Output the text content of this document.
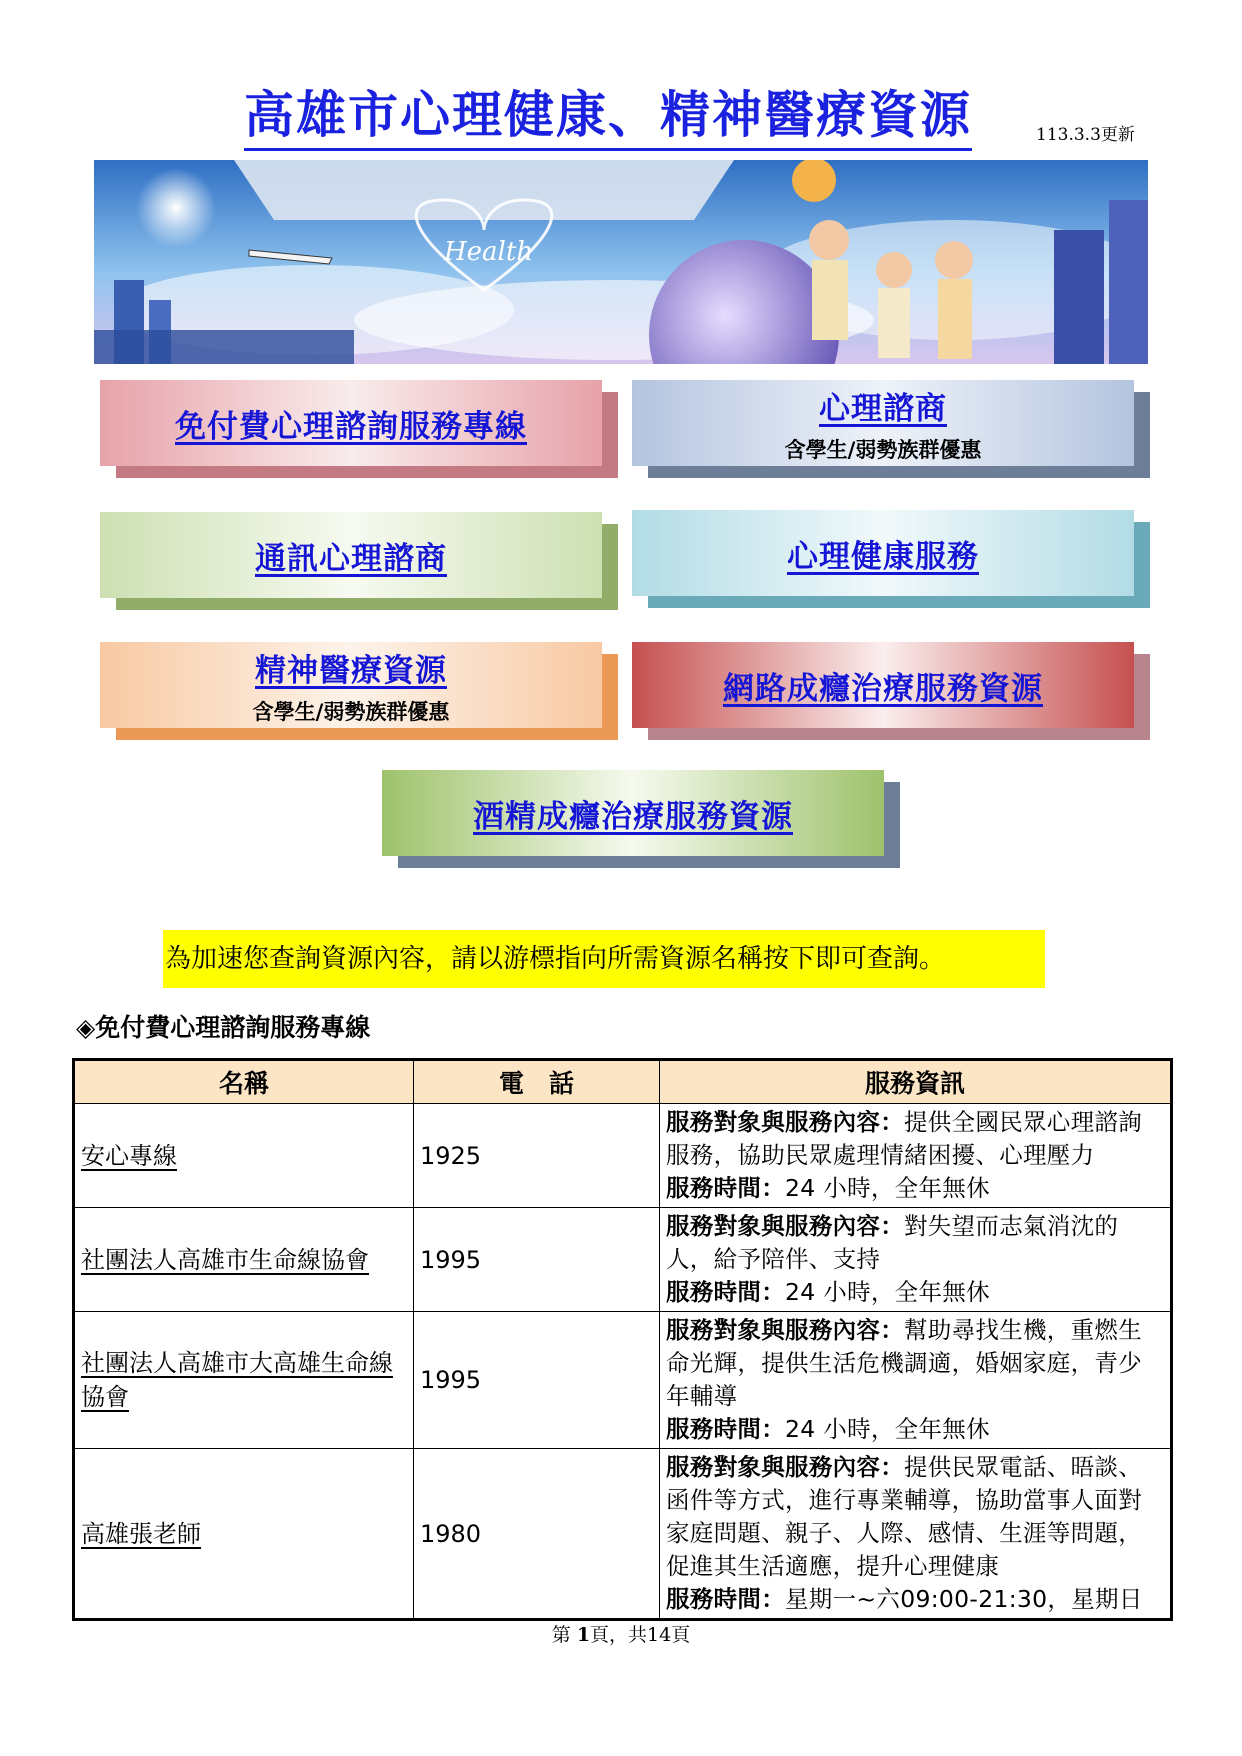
高雄市心理健康、精神醫療資源	113.3.3更新
Health
免付費心理諮詢服務專線	心理諮商
含學生/弱勢族群優惠
通訊心理諮商	心理健康服務
精神醫療資源
含學生/弱勢族群優惠
網路成癮治療服務資源
酒精成癮治療服務資源
為加速您查詢資源內容，請以游標指向所需資源名稱按下即可查詢。
◈免付費心理諮詢服務專線
名稱	電　話	服務資訊
安心專線	1925	服務對象與服務內容：提供全國民眾心理諮詢服務，協助民眾處理情緒困擾、心理壓力
服務時間：24 小時，全年無休
社團法人高雄市生命線協會	1995	服務對象與服務內容：對失望而志氣消沈的人，給予陪伴、支持
服務時間：24 小時，全年無休
社團法人高雄市大高雄生命線協會	1995	服務對象與服務內容：幫助尋找生機，重燃生命光輝，提供生活危機調適，婚姻家庭，青少年輔導
服務時間：24 小時，全年無休
高雄張老師	1980	服務對象與服務內容：提供民眾電話、晤談、函件等方式，進行專業輔導，協助當事人面對家庭問題、親子、人際、感情、生涯等問題，促進其生活適應，提升心理健康
服務時間：星期一~六09:00-21:30，星期日
第 1頁，共14頁
